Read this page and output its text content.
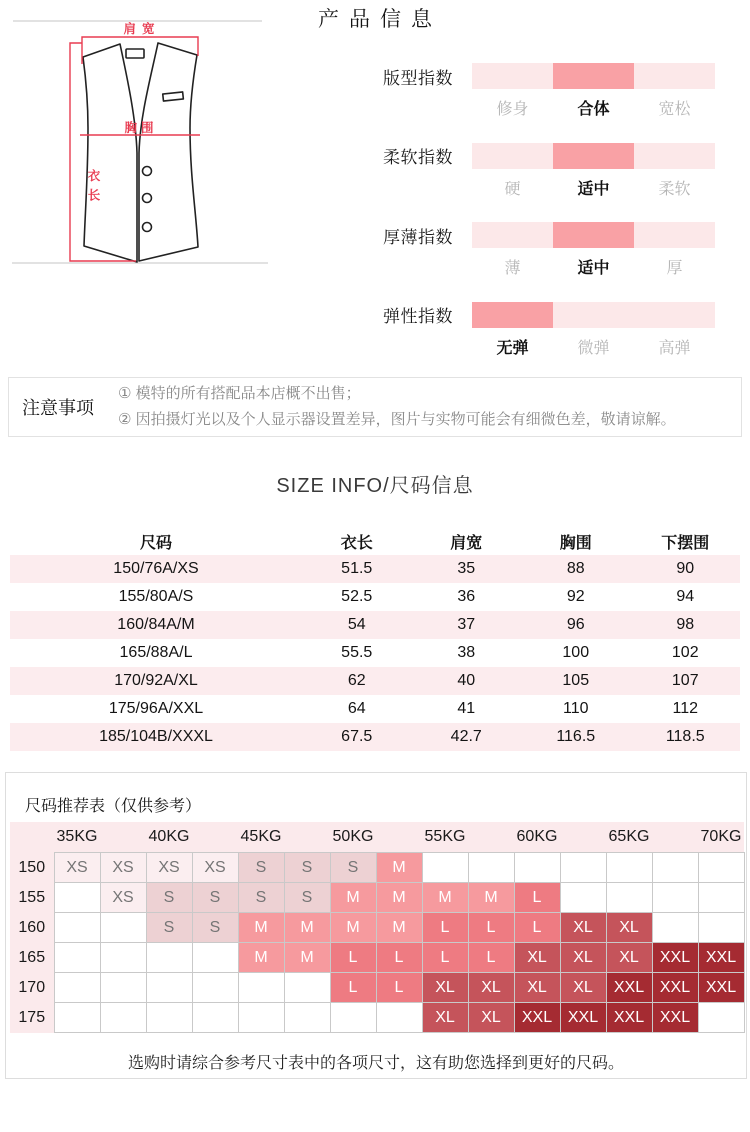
产品信息
肩宽
胸围
衣长
版型指数
修身	合体	宽松
柔软指数
硬	适中	柔软
厚薄指数
薄	适中	厚
弹性指数
无弹	微弹	高弹
注意事项
① 模特的所有搭配品本店概不出售；
② 因拍摄灯光以及个人显示器设置差异，图片与实物可能会有细微色差，敬请谅解。
SIZE INFO/尺码信息
尺码	衣长	肩宽	胸围	下摆围
150/76A/XS	51.5	35	88	90
155/80A/S	52.5	36	92	94
160/84A/M	54	37	96	98
165/88A/L	55.5	38	100	102
170/92A/XL	62	40	105	107
175/96A/XXL	64	41	110	112
185/104B/XXXL	67.5	42.7	116.5	118.5
尺码推荐表（仅供参考）
	35KG		40KG		45KG		50KG		55KG		60KG		65KG		70KG
150	XS	XS	XS	XS	S	S	S	M							
155		XS	S	S	S	S	M	M	M	M	L				
160			S	S	M	M	M	M	L	L	L	XL	XL		
165					M	M	L	L	L	L	XL	XL	XL	XXL	XXL
170							L	L	XL	XL	XL	XL	XXL	XXL	XXL
175									XL	XL	XXL	XXL	XXL	XXL	
选购时请综合参考尺寸表中的各项尺寸，这有助您选择到更好的尺码。
